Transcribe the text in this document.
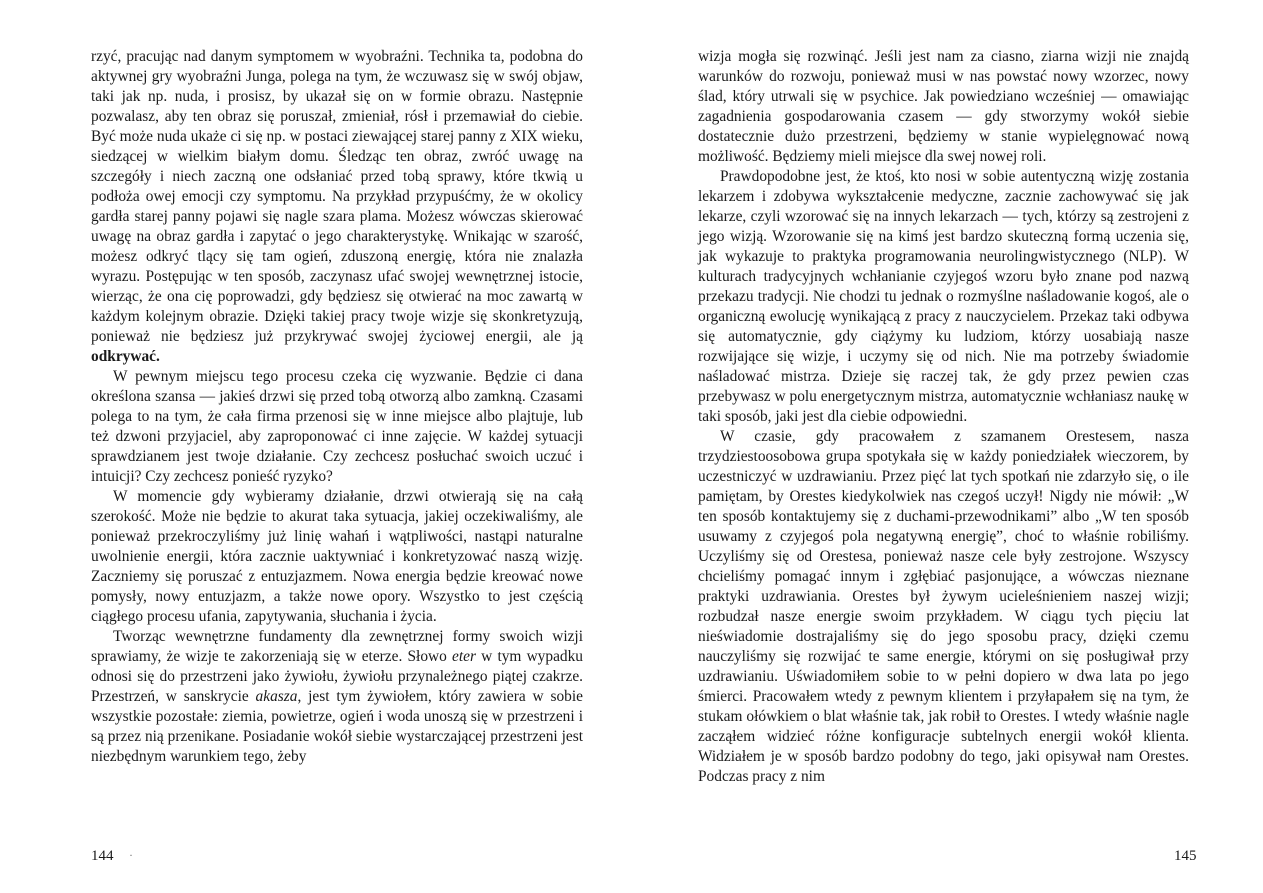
rzyć, pracując nad danym symptomem w wyobraźni. Technika ta, podobna do aktywnej gry wyobraźni Junga, polega na tym, że wczuwasz się w swój objaw, taki jak np. nuda, i prosisz, by ukazał się on w formie obrazu. Następnie pozwalasz, aby ten obraz się poruszał, zmieniał, rósł i przemawiał do ciebie. Być może nuda ukaże ci się np. w postaci ziewającej starej panny z XIX wieku, siedzącej w wielkim białym domu. Śledząc ten obraz, zwróć uwagę na szczegóły i niech zaczną one odsłaniać przed tobą sprawy, które tkwią u podłoża owej emocji czy symptomu. Na przykład przypuśćmy, że w okolicy gardła starej panny pojawi się nagle szara plama. Możesz wówczas skierować uwagę na obraz gardła i zapytać o jego charakterystykę. Wnikając w szarość, możesz odkryć tlący się tam ogień, zduszoną energię, która nie znalazła wyrazu. Postępując w ten sposób, zaczynasz ufać swojej wewnętrznej istocie, wierząc, że ona cię poprowadzi, gdy będziesz się otwierać na moc zawartą w każdym kolejnym obrazie. Dzięki takiej pracy twoje wizje się skonkretyzują, ponieważ nie będziesz już przykrywać swojej życiowej energii, ale ją odkrywać.

W pewnym miejscu tego procesu czeka cię wyzwanie. Będzie ci dana określona szansa — jakieś drzwi się przed tobą otworzą albo zamkną. Czasami polega to na tym, że cała firma przenosi się w inne miejsce albo plajtuje, lub też dzwoni przyjaciel, aby zaproponować ci inne zajęcie. W każdej sytuacji sprawdzianem jest twoje działanie. Czy zechcesz posłuchać swoich uczuć i intuicji? Czy zechcesz ponieść ryzyko?

W momencie gdy wybieramy działanie, drzwi otwierają się na całą szerokość. Może nie będzie to akurat taka sytuacja, jakiej oczekiwaliśmy, ale ponieważ przekroczyliśmy już linię wahań i wątpliwości, nastąpi naturalne uwolnienie energii, która zacznie uaktywniać i konkretyzować naszą wizję. Zaczniemy się poruszać z entuzjazmem. Nowa energia będzie kreować nowe pomysły, nowy entuzjazm, a także nowe opory. Wszystko to jest częścią ciągłego procesu ufania, zapytywania, słuchania i życia.

Tworząc wewnętrzne fundamenty dla zewnętrznej formy swoich wizji sprawiamy, że wizje te zakorzeniają się w eterze. Słowo eter w tym wypadku odnosi się do przestrzeni jako żywiołu, żywiołu przynależnego piątej czakrze. Przestrzeń, w sanskrycie akasza, jest tym żywiołem, który zawiera w sobie wszystkie pozostałe: ziemia, powietrze, ogień i woda unoszą się w przestrzeni i są przez nią przenikane. Posiadanie wokół siebie wystarczającej przestrzeni jest niezbędnym warunkiem tego, żeby

144 ·

wizja mogła się rozwinąć. Jeśli jest nam za ciasno, ziarna wizji nie znajdą warunków do rozwoju, ponieważ musi w nas powstać nowy wzorzec, nowy ślad, który utrwali się w psychice. Jak powiedziano wcześniej — omawiając zagadnienia gospodarowania czasem — gdy stworzymy wokół siebie dostatecznie dużo przestrzeni, będziemy w stanie wypielęgnować nową możliwość. Będziemy mieli miejsce dla swej nowej roli.

Prawdopodobne jest, że ktoś, kto nosi w sobie autentyczną wizję zostania lekarzem i zdobywa wykształcenie medyczne, zacznie zachowywać się jak lekarze, czyli wzorować się na innych lekarzach — tych, którzy są zestrojeni z jego wizją. Wzorowanie się na kimś jest bardzo skuteczną formą uczenia się, jak wykazuje to praktyka programowania neurolingwistycznego (NLP). W kulturach tradycyjnych wchłanianie czyjegoś wzoru było znane pod nazwą przekazu tradycji. Nie chodzi tu jednak o rozmyślne naśladowanie kogoś, ale o organiczną ewolucję wynikającą z pracy z nauczycielem. Przekaz taki odbywa się automatycznie, gdy ciążymy ku ludziom, którzy uosabiają nasze rozwijające się wizje, i uczymy się od nich. Nie ma potrzeby świadomie naśladować mistrza. Dzieje się raczej tak, że gdy przez pewien czas przebywasz w polu energetycznym mistrza, automatycznie wchłaniasz naukę w taki sposób, jaki jest dla ciebie odpowiedni.

W czasie, gdy pracowałem z szamanem Orestesem, nasza trzydziestoosobowa grupa spotykała się w każdy poniedziałek wieczorem, by uczestniczyć w uzdrawianiu. Przez pięć lat tych spotkań nie zdarzyło się, o ile pamiętam, by Orestes kiedykolwiek nas czegoś uczył! Nigdy nie mówił: „W ten sposób kontaktujemy się z duchami-przewodnikami” albo „W ten sposób usuwamy z czyjegoś pola negatywną energię”, choć to właśnie robiliśmy. Uczyliśmy się od Orestesa, ponieważ nasze cele były zestrojone. Wszyscy chcieliśmy pomagać innym i zgłębiać pasjonujące, a wówczas nieznane praktyki uzdrawiania. Orestes był żywym ucieleśnieniem naszej wizji; rozbudzał nasze energie swoim przykładem. W ciągu tych pięciu lat nieświadomie dostrajaliśmy się do jego sposobu pracy, dzięki czemu nauczyliśmy się rozwijać te same energie, którymi on się posługiwał przy uzdrawianiu. Uświadomiłem sobie to w pełni dopiero w dwa lata po jego śmierci. Pracowałem wtedy z pewnym klientem i przyłapałem się na tym, że stukam ołówkiem o blat właśnie tak, jak robił to Orestes. I wtedy właśnie nagle zacząłem widzieć różne konfiguracje subtelnych energii wokół klienta. Widziałem je w sposób bardzo podobny do tego, jaki opisywał nam Orestes. Podczas pracy z nim

145
